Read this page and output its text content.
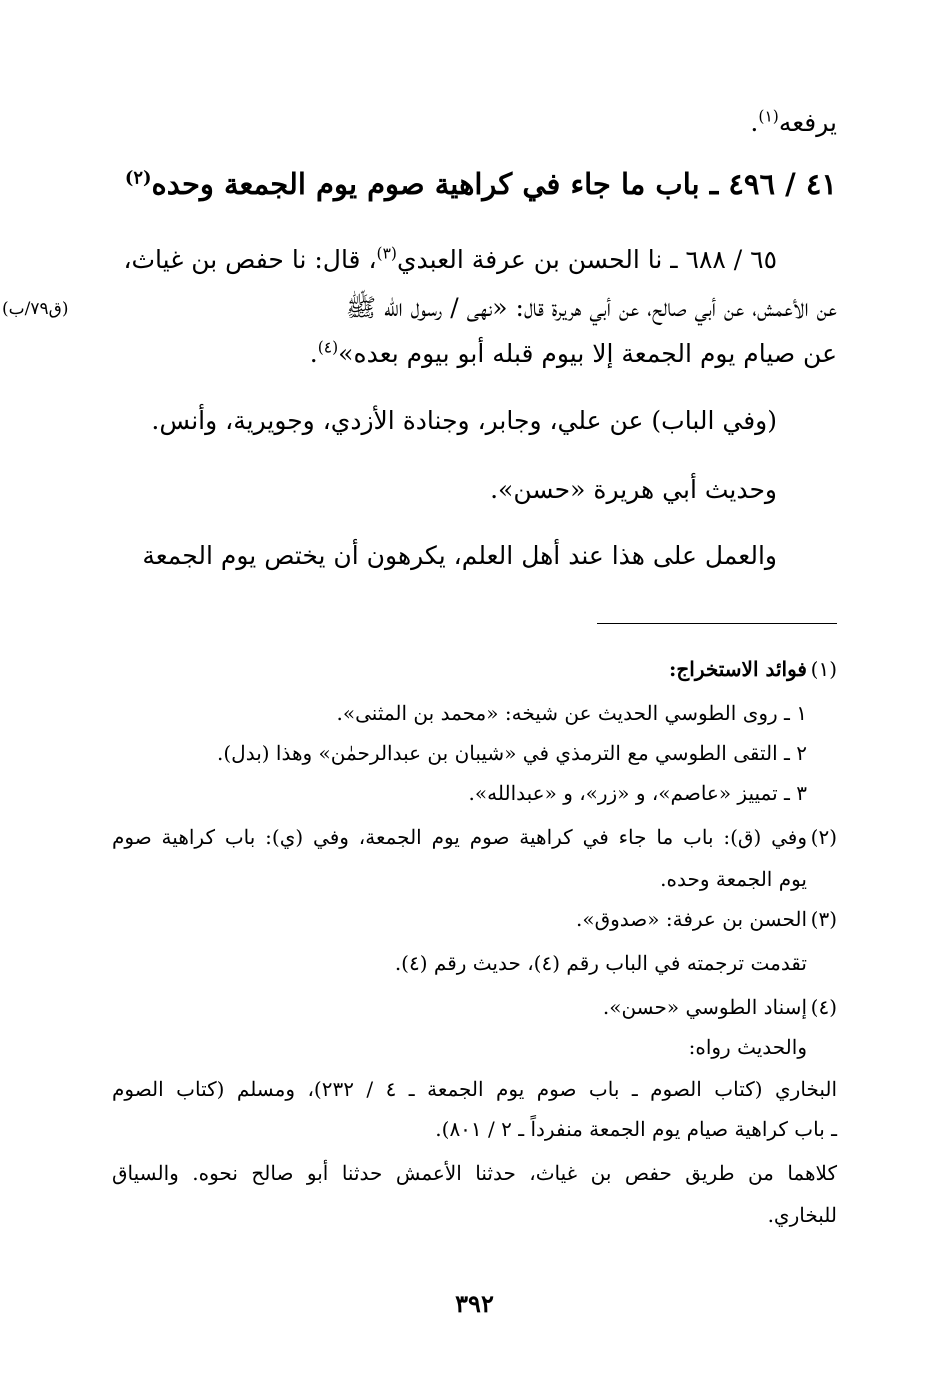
يرفعه$^{(١)}$.
٤١ / ٤٩٦ ـ باب ما جاء في كراهية صوم يوم الجمعة وحده$^{(٢)}$
٦٥ / ٦٨٨ ـ نا الحسن بن عرفة العبدي$^{(٣)}$، قال: نا حفص بن غياث،
عن الأعمش، عن أبي صالح، عن أبي هريرة قال: «نهى / رسول الله ﷺ
(ق٧٩/ب)
عن صيام يوم الجمعة إلا بيوم قبله أبو بيوم بعده»$^{(٤)}$.
(وفي الباب) عن علي، وجابر، وجنادة الأزدي، وجويرية، وأنس.
وحديث أبي هريرة «حسن».
والعمل على هذا عند أهل العلم، يكرهون أن يختص يوم الجمعة
(١)فوائد الاستخراج:
١ ـ روى الطوسي الحديث عن شيخه: «محمد بن المثنى».
٢ ـ التقى الطوسي مع الترمذي في «شيبان بن عبدالرحمٰن» وهذا (بدل).
٣ ـ تمييز «عاصم»، و «زر»، و «عبدالله».
(٢)وفي (ق): باب ما جاء في كراهية صوم يوم الجمعة، وفي (ي): باب كراهية صوم
يوم الجمعة وحده.
(٣)الحسن بن عرفة: «صدوق».
تقدمت ترجمته في الباب رقم (٤)، حديث رقم (٤).
(٤)إسناد الطوسي «حسن».
والحديث رواه:
البخاري (كتاب الصوم ـ باب صوم يوم الجمعة ـ ٤ / ٢٣٢)، ومسلم (كتاب الصوم
ـ باب كراهية صيام يوم الجمعة منفرداً ـ ٢ / ٨٠١).
كلاهما من طريق حفص بن غياث، حدثنا الأعمش حدثنا أبو صالح نحوه. والسياق
للبخاري.
٣٩٢
